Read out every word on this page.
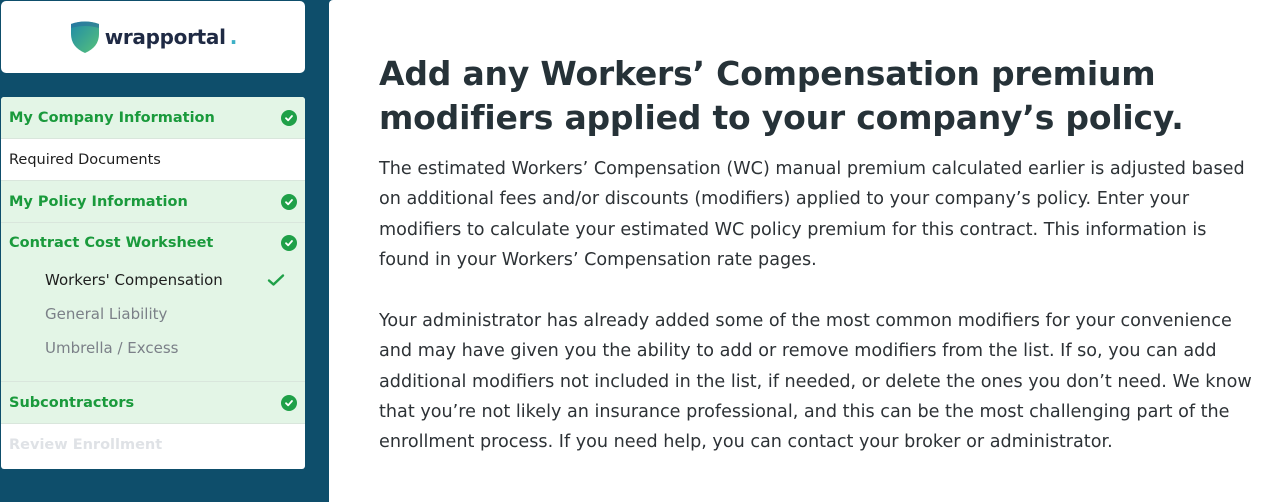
wrapportal .
My Company Information
Required Documents
My Policy Information
Contract Cost Worksheet
Workers' Compensation
General Liability
Umbrella / Excess
Subcontractors
Review Enrollment
Add any Workers’ Compensation premium modifiers applied to your company’s policy.

The estimated Workers’ Compensation (WC) manual premium calculated earlier is adjusted based on additional fees and/or discounts (modifiers) applied to your company’s policy. Enter your modifiers to calculate your estimated WC policy premium for this contract. This information is found in your Workers’ Compensation rate pages.

Your administrator has already added some of the most common modifiers for your convenience and may have given you the ability to add or remove modifiers from the list. If so, you can add additional modifiers not included in the list, if needed, or delete the ones you don’t need. We know that you’re not likely an insurance professional, and this can be the most challenging part of the enrollment process. If you need help, you can contact your broker or administrator.
